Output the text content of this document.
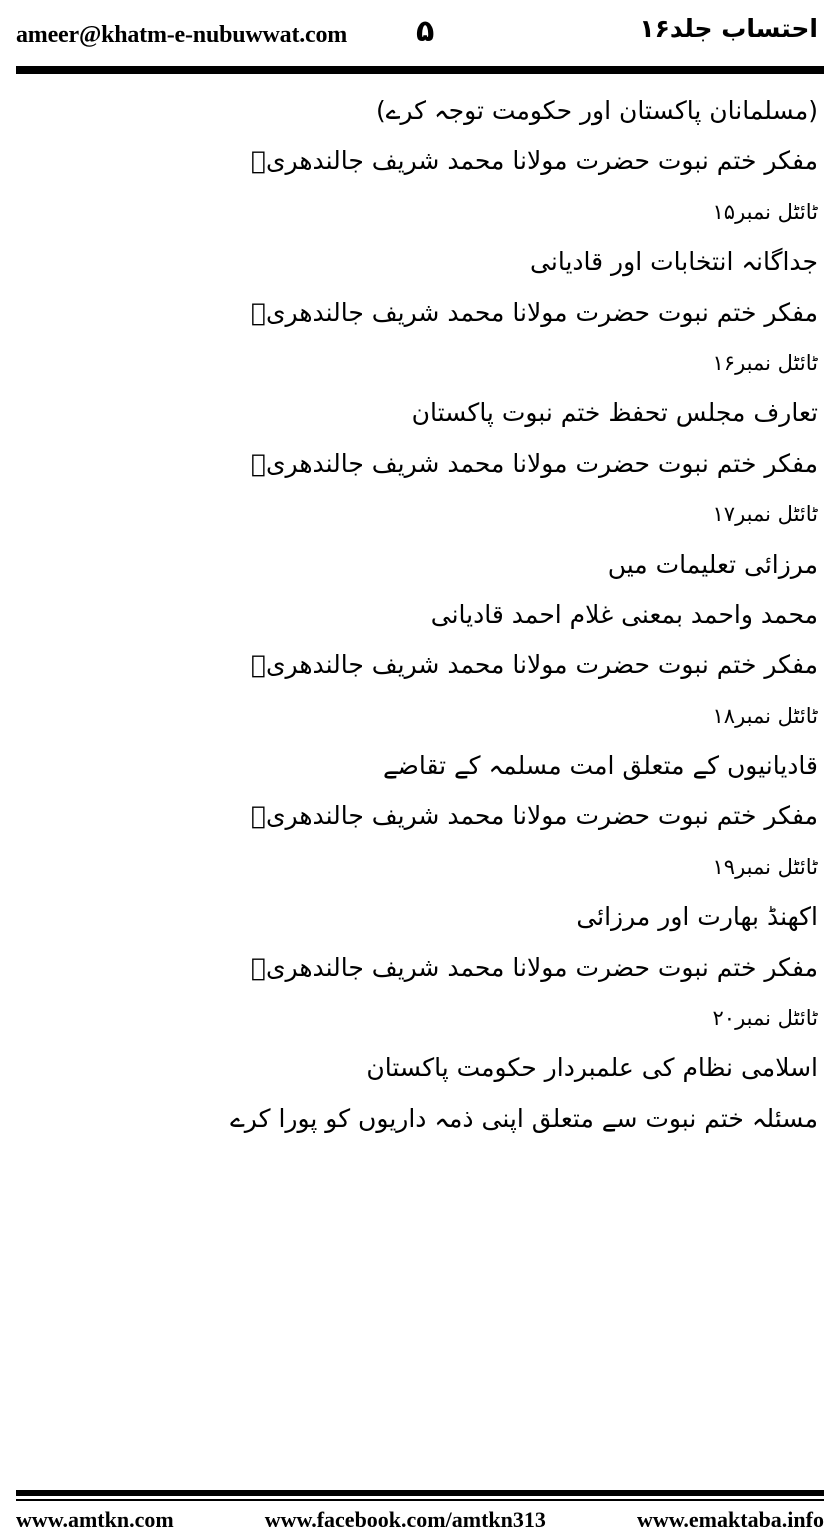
ameer@khatm-e-nubuwwat.com ۵	احتساب جلد۱۶
(مسلمانان پاکستان اور حکومت توجہ کرے)
مفکر ختم نبوت حضرت مولانا محمد شریف جالندھریؒ
ٹائٹل نمبر۱۵
جداگانہ انتخابات اور قادیانی
مفکر ختم نبوت حضرت مولانا محمد شریف جالندھریؒ
ٹائٹل نمبر۱۶
تعارف مجلس تحفظ ختم نبوت پاکستان
مفکر ختم نبوت حضرت مولانا محمد شریف جالندھریؒ
ٹائٹل نمبر۱۷
مرزائی تعلیمات میں
محمد واحمد بمعنی غلام احمد قادیانی
مفکر ختم نبوت حضرت مولانا محمد شریف جالندھریؒ
ٹائٹل نمبر۱۸
قادیانیوں کے متعلق امت مسلمہ کے تقاضے
مفکر ختم نبوت حضرت مولانا محمد شریف جالندھریؒ
ٹائٹل نمبر۱۹
اکھنڈ بھارت اور مرزائی
مفکر ختم نبوت حضرت مولانا محمد شریف جالندھریؒ
ٹائٹل نمبر۲۰
اسلامی نظام کی علمبردار حکومت پاکستان
مسئلہ ختم نبوت سے متعلق اپنی ذمہ داریوں کو پورا کرے
www.amtkn.com	www.facebook.com/amtkn313	www.emaktaba.info
